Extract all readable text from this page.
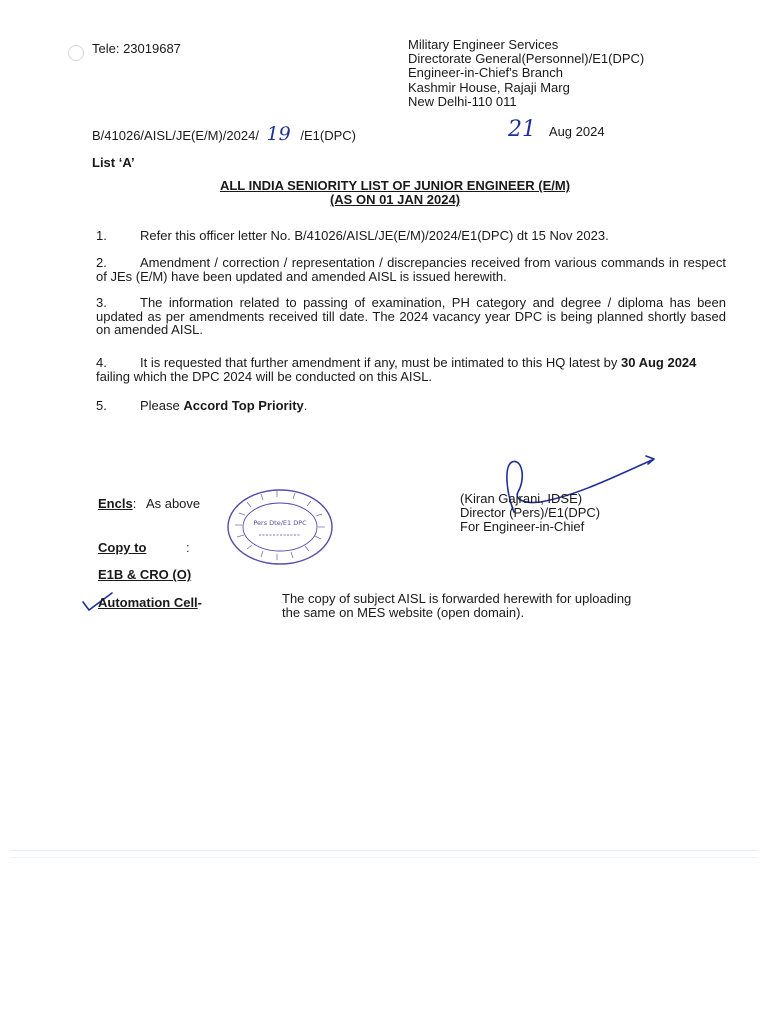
Tele: 23019687	Military Engineer Services
Directorate General(Personnel)/E1(DPC)
Engineer-in-Chief's Branch
Kashmir House, Rajaji Marg
New Delhi-110 011
B/41026/AISL/JE(E/M)/2024/ 19 /E1(DPC)	21 Aug 2024
List ‘A’
ALL INDIA SENIORITY LIST OF JUNIOR ENGINEER (E/M)
(AS ON 01 JAN 2024)
1.	Refer this officer letter No. B/41026/AISL/JE(E/M)/2024/E1(DPC) dt 15 Nov 2023.
2.	Amendment / correction / representation / discrepancies received from various commands in respect of JEs (E/M) have been updated and amended AISL is issued herewith.
3.	The information related to passing of examination, PH category and degree / diploma has been updated as per amendments received till date. The 2024 vacancy year DPC is being planned shortly based on amended AISL.
4.	It is requested that further amendment if any, must be intimated to this HQ latest by 30 Aug 2024 failing which the DPC 2024 will be conducted on this AISL.
5.	Please Accord Top Priority.
(Kiran Gajrani, IDSE)
Director (Pers)/E1(DPC)
For Engineer-in-Chief
Encls: As above
Pers Dte/E1 DPC
Copy to	:
E1B & CRO (O)
Automation Cell-	The copy of subject AISL is forwarded herewith for uploading the same on MES website (open domain).
